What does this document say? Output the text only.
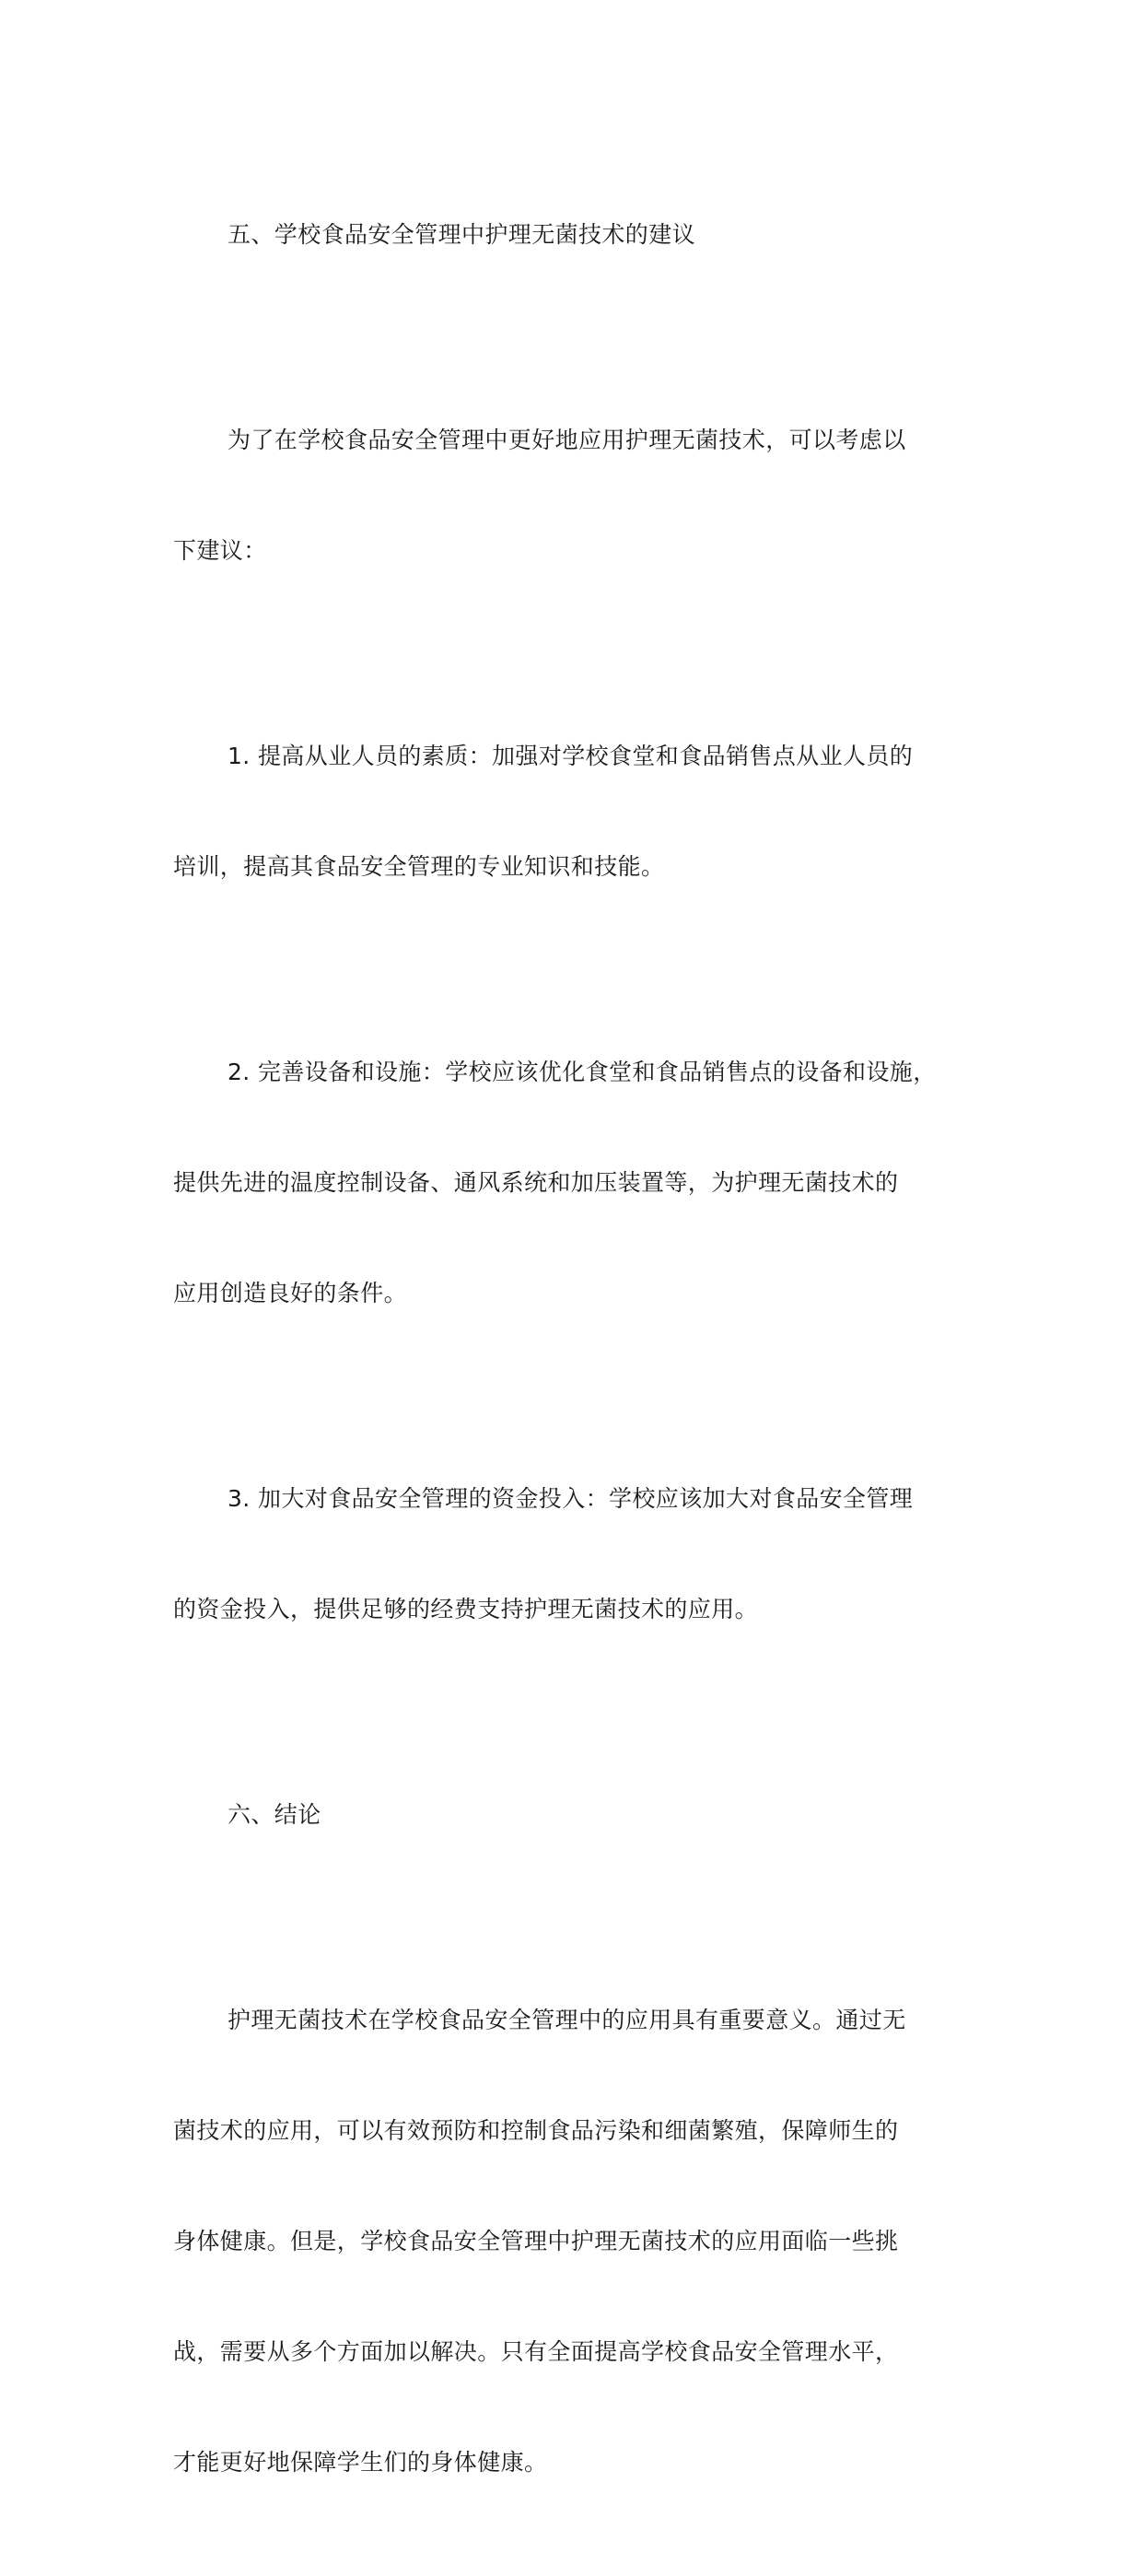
五、学校食品安全管理中护理无菌技术的建议

为了在学校食品安全管理中更好地应用护理无菌技术，可以考虑以

下建议：

1. 提高从业人员的素质：加强对学校食堂和食品销售点从业人员的

培训，提高其食品安全管理的专业知识和技能。

2. 完善设备和设施：学校应该优化食堂和食品销售点的设备和设施，

提供先进的温度控制设备、通风系统和加压装置等，为护理无菌技术的

应用创造良好的条件。

3. 加大对食品安全管理的资金投入：学校应该加大对食品安全管理

的资金投入，提供足够的经费支持护理无菌技术的应用。

六、结论

护理无菌技术在学校食品安全管理中的应用具有重要意义。通过无

菌技术的应用，可以有效预防和控制食品污染和细菌繁殖，保障师生的

身体健康。但是，学校食品安全管理中护理无菌技术的应用面临一些挑

战，需要从多个方面加以解决。只有全面提高学校食品安全管理水平，

才能更好地保障学生们的身体健康。
